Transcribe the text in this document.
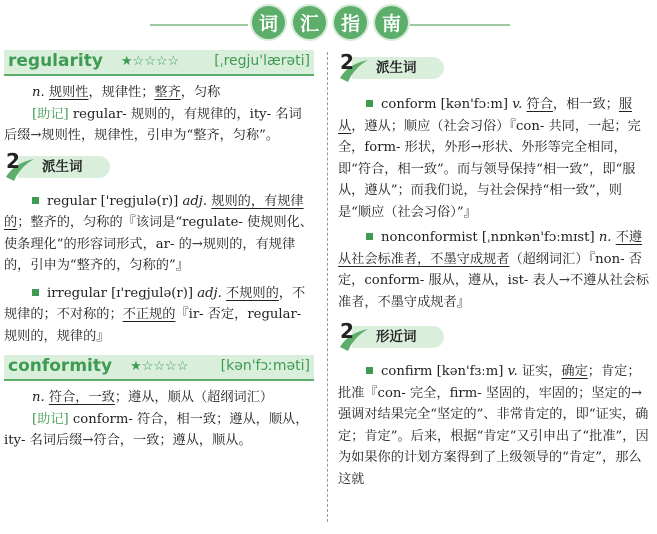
词	汇	指	南
regularity ★☆☆☆☆	[ˌregju'lærəti]

n. 规则性，规律性；整齐，匀称

[助记] regular- 规则的，有规律的，ity- 名词后缀→规则性，规律性，引申为“整齐，匀称”。

2 派生词

regular ['regjulə(r)] adj. 规则的，有规律的；整齐的，匀称的『该词是“regulate- 使规则化、使条理化”的形容词形式，ar- 的→规则的，有规律的，引申为“整齐的，匀称的”』

irregular [ɪ'regjulə(r)] adj. 不规则的，不规律的；不对称的；不正规的『ir- 否定，regular- 规则的，规律的』

conformity ★☆☆☆☆	[kən'fɔːməti]

n. 符合，一致；遵从，顺从（超纲词汇）

[助记] conform- 符合，相一致；遵从，顺从，ity- 名词后缀→符合，一致；遵从，顺从。

2 派生词

conform [kən'fɔːm] v. 符合，相一致；服从，遵从；顺应（社会习俗）『con- 共同，一起；完全，form- 形状，外形→形状、外形等完全相同，即“符合，相一致”。而与领导保持“相一致”，即“服从，遵从”；而我们说，与社会保持“相一致”，则是“顺应（社会习俗）”』

nonconformist [ˌnɒnkən'fɔːmɪst] n. 不遵从社会标准者，不墨守成规者（超纲词汇）『non- 否定，conform- 服从，遵从，ist- 表人→不遵从社会标准者，不墨守成规者』

2 形近词

confirm [kən'fɜːm] v. 证实，确定；肯定；批准『con- 完全，firm- 坚固的，牢固的；坚定的→强调对结果完全“坚定的”、非常肯定的，即“证实，确定；肯定”。后来，根据“肯定”又引申出了“批准”，因为如果你的计划方案得到了上级领导的“肯定”，那么这就
